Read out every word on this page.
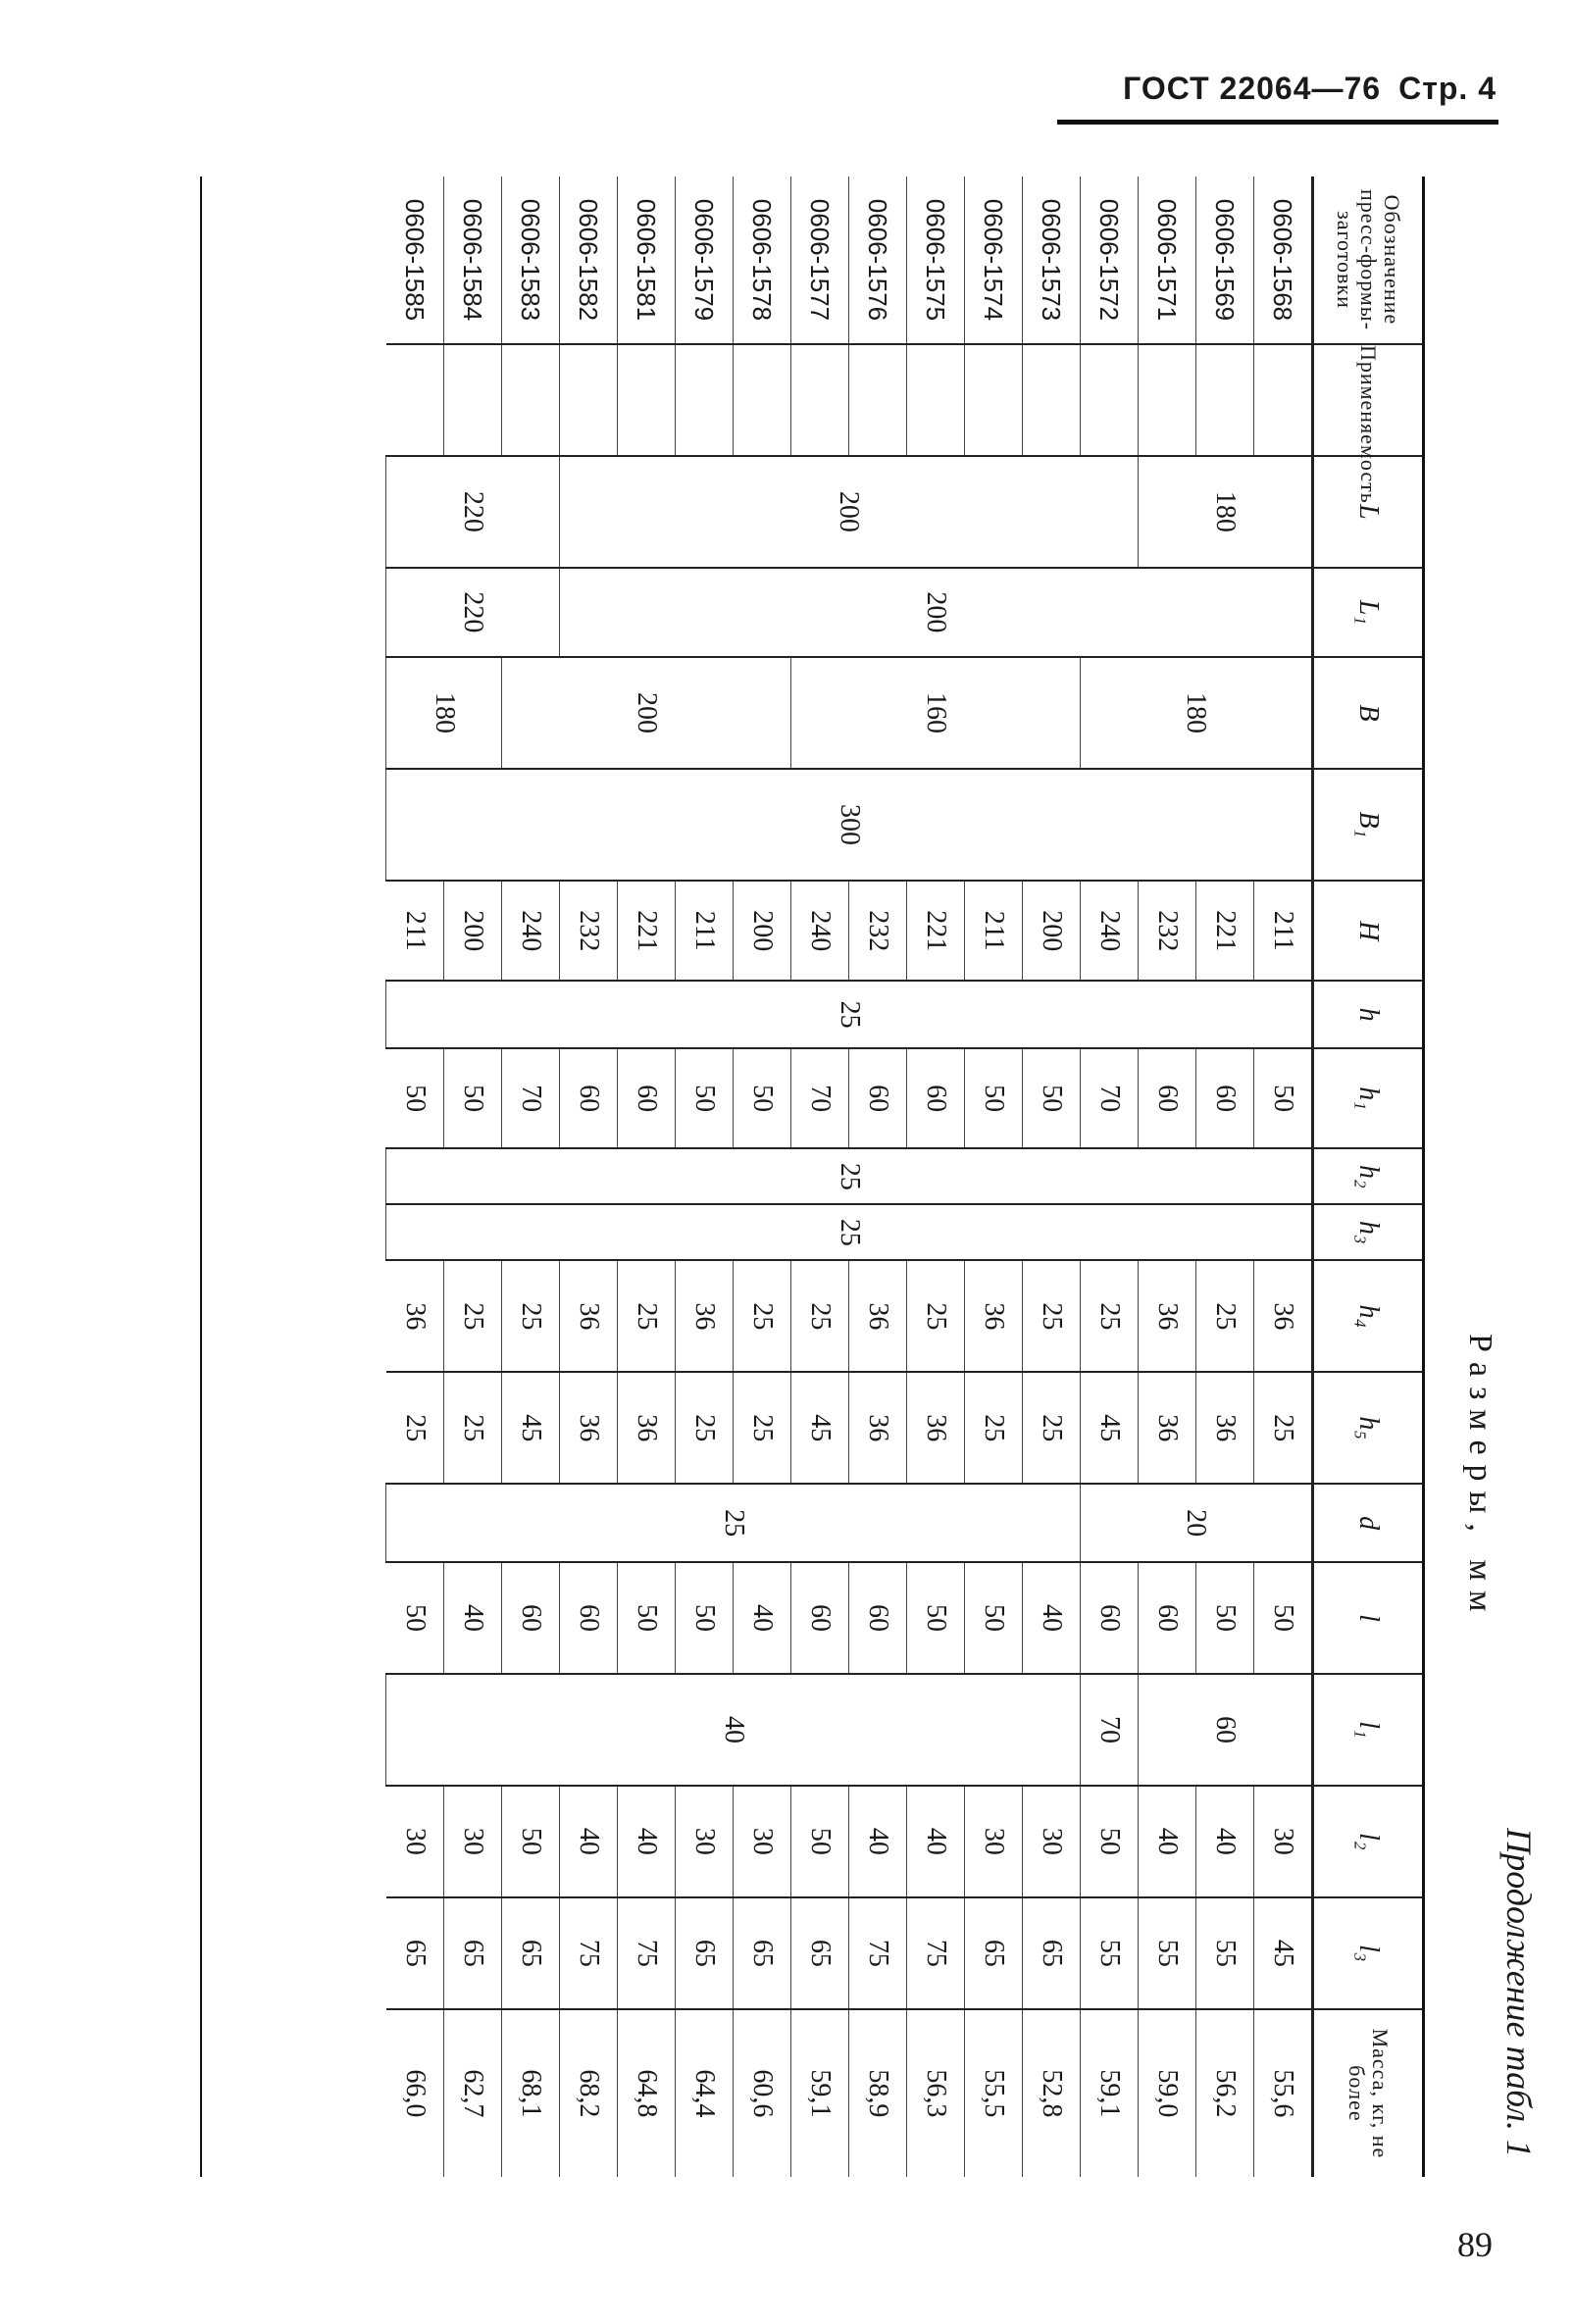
ГОСТ 22064—76 Стр. 4
Продолжение табл. 1
Размеры, мм
Обозначение пресс-формы-заготовки	Применяемость	L	L₁	B	B₁	H	h	h₁	h₂	h₃	h₄	h₅	d	l	l₁	l₂	l₃	Масса, кг, не более
0606-1568		180	200	180	300	211	25	50	25	25	36	25	20	50	60	30	45	55,6
0606-1569						221		60			25	36		50		40	55	56,2
0606-1571						232		60			36	36		60		40	55	59,0
0606-1572		200				240		70			25	45		60	70	50	55	59,1
0606-1573				160		200		50			25	25	25	40	40	30	65	52,8
0606-1574						211		50			36	25		50		30	65	55,5
0606-1575						221		60			25	36		50		40	75	56,3
0606-1576						232		60			36	36		60		40	75	58,9
0606-1577						240		70			25	45		60		50	65	59,1
0606-1578				200		200		50			25	25		40		30	65	60,6
0606-1579						211		50			36	25		50		30	65	64,4
0606-1581						221		60			25	36		50		40	75	64,8
0606-1582						232		60			36	36		60		40	75	68,2
0606-1583		220	220			240		70			25	45		60		50	65	68,1
0606-1584				180		200		50			25	25		40		30	65	62,7
0606-1585						211		50			36	25		50		30	65	66,0
89
